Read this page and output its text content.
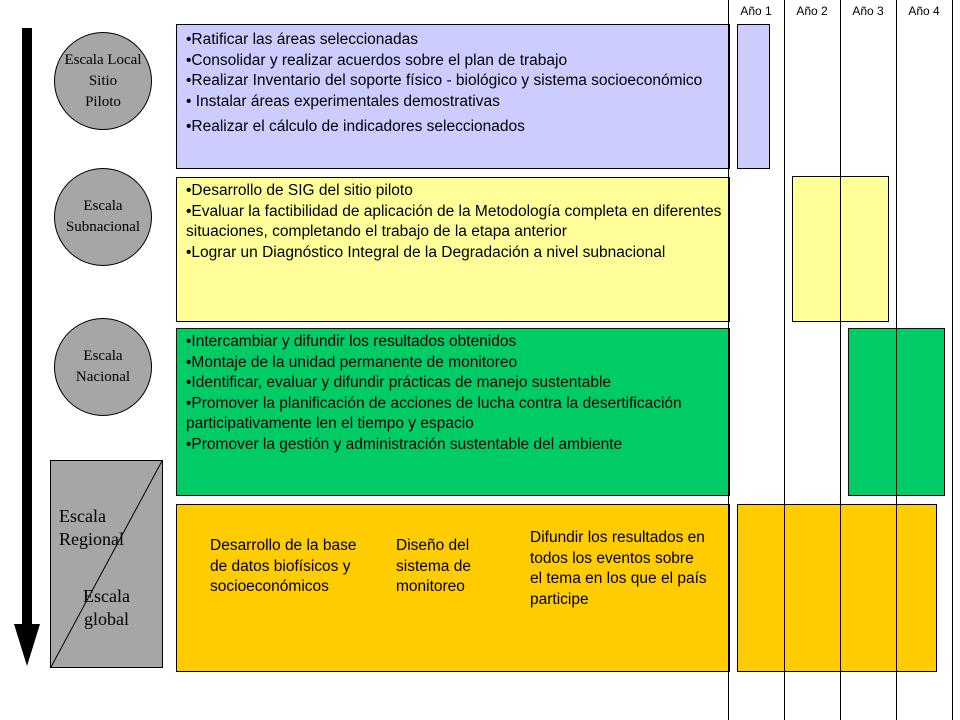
Año 1	Año 2	Año 3	Año 4
Escala Local
Sitio
Piloto
Escala
Subnacional
Escala
Nacional
Escala
Regional
Escala
global
•Ratificar las áreas seleccionadas
•Consolidar y realizar acuerdos sobre el plan de trabajo
•Realizar Inventario del soporte físico - biológico y sistema socioeconómico
• Instalar áreas experimentales demostrativas
•Realizar el cálculo de indicadores seleccionados
•Desarrollo de SIG del sitio piloto
•Evaluar la factibilidad de aplicación de la Metodología completa en diferentes situaciones, completando el trabajo de la etapa anterior
•Lograr un Diagnóstico Integral de la Degradación a nivel subnacional
•Intercambiar y difundir los resultados obtenidos
•Montaje de la unidad permanente de monitoreo
•Identificar, evaluar y difundir prácticas de manejo sustentable
•Promover la planificación de acciones de lucha contra la desertificación participativamente len el tiempo y espacio
•Promover la gestión y administración sustentable del ambiente
Desarrollo de la base de datos biofísicos y socioeconómicos
Diseño del sistema de monitoreo
Difundir los resultados en todos los eventos sobre el tema en los que el país participe
